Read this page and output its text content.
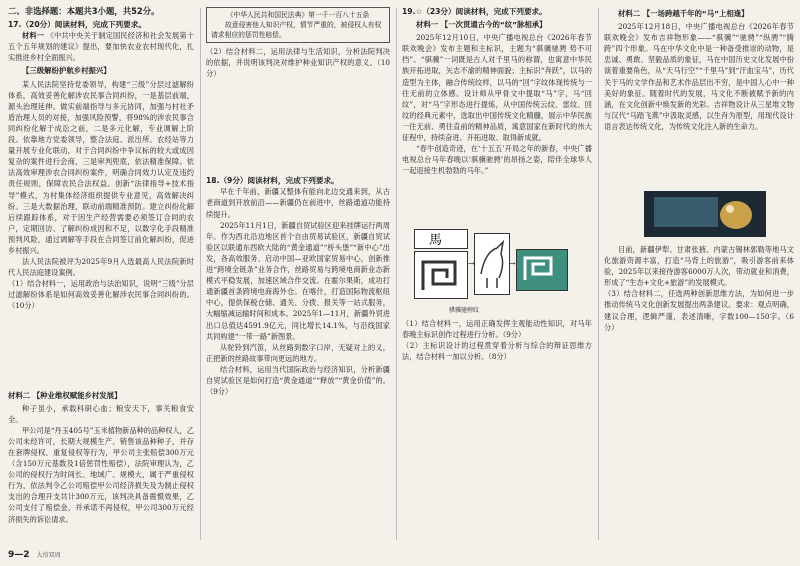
二、非选择题：本题共3小题，共52分。
17.（20分）阅读材料，完成下列要求。

材料一 《中共中央关于制定国民经济和社会发展第十五个五年规划的建议》提出，要加快农业农村现代化，扎实推进乡村全面振兴。

【三级解纷护航乡村振兴】

某人民法院坚持党委领导，构建“三级”分层过滤解纷体系，高效妥善化解涉农民事合同纠纷，一是基层前端，源头治理延伸。做实前端指导与多元协同，加强与村社矛盾治理人员的对接，加强风险预警，将98%的涉农民事合同纠纷化解于成讼之前，二是多元化解，专业调解上阶段。依靠地方党委领导，整合法庭、派出所、农经站等力量开展专业化联动，对于合同纠纷中争议标的较大或成因复杂的案件进行会商，三是审判兜底，依法精准保障。依法高效审理涉农合同纠纷案件，明确合同效力认定及违约责任规则，保障农民合法权益。创新“法律指导+技术指导”模式，为村集体经济组织提供专业意见，高效解决纠纷。三是大数据治理，联动前端精准预防。建立纠纷化解后续跟踪体系，对于因生产经营需要必须签订合同的农户，定期回访、了解纠纷成因和不足，以数字化手段精准预判风险，通过调解等手段在合同签订前化解纠纷，促进乡村振兴。

法人民法院被评为2025年9月入选最高人民法院新时代人民法庭建设案例。

（1）结合材料一，运用政治与法治知识，说明“三级”分层过滤解纷体系是如何高效妥善化解涉农民事合同纠纷的。（10分）

材料二 【种业维权赋能乡村发展】

种子虽小，承载科研心血；粮安天下，事关粮食安全。

甲公司是“丹玉405号”玉米植物新品种的品种权人，乙公司未经许可，长期大规模生产、销售该品种种子，并存在套牌侵权、重复侵权等行为，甲公司主张赔偿300万元（含150万元基数及1倍惩罚性赔偿），法院审理认为，乙公司的侵权行为时间长、地域广、规模大，属于严重侵权行为，依法判令乙公司赔偿甲公司经济损失及为制止侵权支出的合理开支共计300万元，该判决具备震慑效果，乙公司支付了赔偿金，并承诺不再侵权，甲公司300万元经济损失的诉讼请求。

《中华人民共和国民法典》第一千一百八十五条
故意侵害他人知识产权，情节严重的，被侵权人有权请求相应的惩罚性赔偿。

（2）结合材料二，运用法律与生活知识，分析法院判决的依据，并说明该判决对维护种业知识产权的意义。（10分）

18.（9分）阅读材料，完成下列要求。

早在千年前，新疆又整体有能向北边交通来到，从古老商道到开放前沿——新疆仍在前进中，丝路通道功能持续提升。

2025年11月1日，新疆自贸试验区迎来挂牌运行两周年。作为西北沿边地区首个自由贸易试验区，新疆自贸试验区以联通东西欧大陆的“黄金通道”“桥头堡”“新中心”出发，各高效服务、启动中国—亚欧国家贸易中心，创新推进“跨境全链条”业务合作，丝路贸易与跨境电商新业态新模式平稳发展，加速区域合作交流。在霍尔果斯，成功打通新疆首条跨境电商海外仓。在喀什，打造国际物流枢纽中心，提供保税仓储、通关、分拨、报关等一站式服务，大幅缩减运输时间和成本。2025年1—11月，新疆外贸进出口总值达4591.9亿元，同比增长14.1%，与沿线国家共同构建“一带一路”新图景。

从驼铃到汽笛，从丝路到数字口岸，无疑对上的义，正把新的丝路故事带向更远的地方。

结合材料，运用当代国际政治与经济知识，分析新疆自贸试验区是如何打造“黄金通道”“释放”“黄金价值”的。（9分）

19.☆（23分）阅读材料，完成下列要求。
材料一 【一次贯通古今的“纹”脉相承】

2025年12月10日，中央广播电视总台《2026年春节联欢晚会》发布主题和主标识，主题为“骐骥驰骋 势不可挡”。“骐骥”一词既是古人对千里马的称谓，也寓意中华民族开拓进取，矢志不渝的精神面貌；主标识“奔跃”，以马的造型为主体，融合传统纹样，以马的“回”字纹体现传统与一往无前的立体感。设计师从甲骨文中提取“马”字，马“回纹”，对“马”字形态进行提炼，从中国传统云纹、雷纹、回纹的经典元素中，选取出中国传统文化精髓，展示中华民族一往无前、勇往直前的精神品质，寓意国家在新时代的伟大征程中，持续奋进、开拓进取、取得新成就。

“春牛创造奇迹，在‘十五五’开局之年的新春，中央广播电视总台马年春晚以‘骐骥驰骋’的昂扬之姿，陪伴全球华人一起迎接生机勃勃的马年。”

馬
→	→
骐骥驰骋纹

（1）结合材料一，运用正确发挥主观能动性知识，对马年春晚主标识创作过程进行分析。（9分）

（2）主标识设计的过程贯穿着分析与综合的辩证思维方法，结合材料一加以分析。（8分）

材料二 【一场跨越千年的“马”上相逢】

2025年12月18日，中央广播电视总台《2026年春节联欢晚会》发布吉祥物形象——“骐骥”“驰骋”“纵骋”“腾跨”四个形象。马在中华文化中是一种备受推崇的动物，是忠诚、勇敢、坚毅品质的象征，马在中国历史文化发展中扮演着重要角色，从“天马行空”“千里马”到“汗血宝马”，历代关于马的文学作品和艺术作品层出不穷，是中国人心中一种美好的象征。随着时代的发展，马文化不断被赋予新的内涵，在文化创新中焕发新的光彩。吉祥物设计从三星堆文物与汉代“马踏飞燕”中汲取灵感，以生肖为原型，用现代设计语言表达传统文化，为传统文化注入新的生命力。

目前，新疆伊犁、甘肃张掖、内蒙古锡林郭勒等地马文化旅游资源丰富，打造“马背上的旅游”，吸引游客前来体验，2025年以来接待游客6000万人次，带动就业和消费，形成了“生态+文化+旅游”的发展模式。

（3）结合材料二，任选两种创新思维方法，为如何进一步推动传统马文化创新发展提出两条建议。要求：观点明确，建议合理，逻辑严谨，表述清晰，字数100—150字。（6分）

9—2 大信双周
